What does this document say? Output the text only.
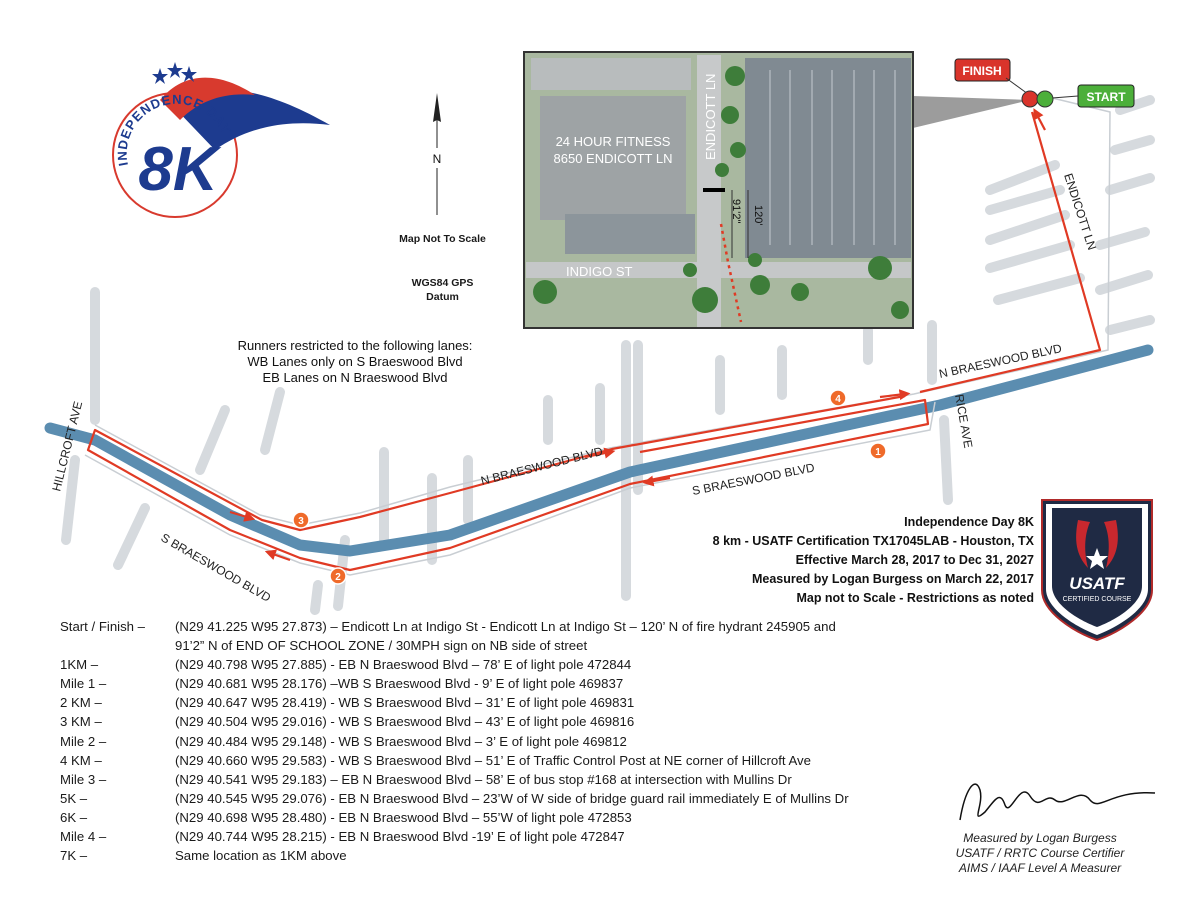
1
2
3
4
ENDICOTT LN
N BRAESWOOD BLVD
N BRAESWOOD BLVD	S BRAESWOOD BLVD
S BRAESWOOD BLVD
HILLCROFT AVE	RICE AVE
24 HOUR FITNESS
8650 ENDICOTT LN
INDIGO ST
ENDICOTT LN
91'2" 120'
FINISH
START
N
8K
INDEPENDENCE DAY
USATF
CERTIFIED COURSE
Map Not To Scale
WGS84 GPS Datum
Runners restricted to the following lanes:
WB Lanes only on S Braeswood Blvd
EB Lanes on N Braeswood Blvd
Independence Day 8K
8 km - USATF Certification TX17045LAB - Houston, TX
Effective March 28, 2017 to Dec 31, 2027
Measured by Logan Burgess on March 22, 2017
Map not to Scale - Restrictions as noted
Start / Finish –	(N29 41.225 W95 27.873) – Endicott Ln at Indigo St - Endicott Ln at Indigo St – 120’ N of fire hydrant 245905 and
91’2” N of END OF SCHOOL ZONE / 30MPH sign on NB side of street
1KM –	(N29 40.798 W95 27.885) - EB N Braeswood Blvd – 78’ E of light pole 472844
Mile 1 –	(N29 40.681 W95 28.176) –WB S Braeswood Blvd - 9’ E of light pole 469837
2 KM –	(N29 40.647 W95 28.419) - WB S Braeswood Blvd – 31’ E of light pole 469831
3 KM –	(N29 40.504 W95 29.016) - WB S Braeswood Blvd – 43’ E of light pole 469816
Mile 2 –	(N29 40.484 W95 29.148) - WB S Braeswood Blvd – 3’ E of light pole 469812
4 KM –	(N29 40.660 W95 29.583) - WB S Braeswood Blvd – 51’ E of Traffic Control Post at NE corner of Hillcroft Ave
Mile 3 –	(N29 40.541 W95 29.183) – EB N Braeswood Blvd – 58’ E of bus stop #168 at intersection with Mullins Dr
5K –	(N29 40.545 W95 29.076) - EB N Braeswood Blvd – 23’W of W side of bridge guard rail immediately E of Mullins Dr
6K –	(N29 40.698 W95 28.480) - EB N Braeswood Blvd – 55’W of light pole 472853
Mile 4 –	(N29 40.744 W95 28.215) - EB N Braeswood Blvd -19’ E of light pole 472847
7K –	Same location as 1KM above
Measured by Logan Burgess
USATF / RRTC Course Certifier
AIMS / IAAF Level A Measurer
